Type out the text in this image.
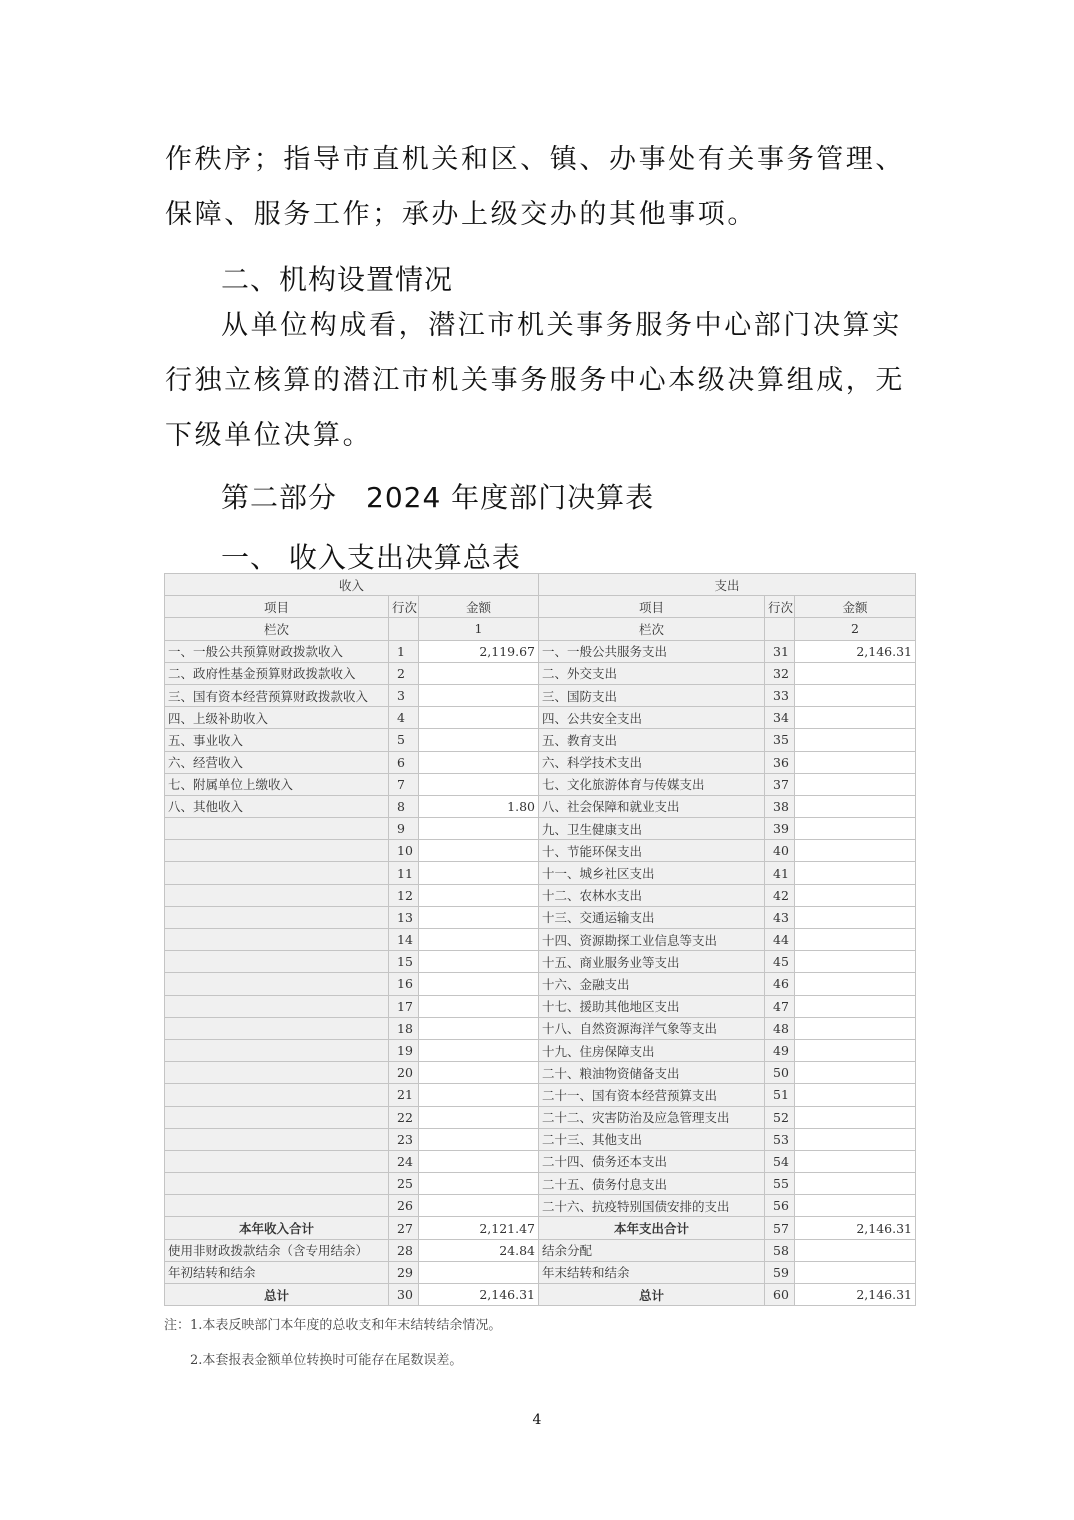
作秩序；指导市直机关和区、镇、办事处有关事务管理、保障、服务工作；承办上级交办的其他事项。

二、机构设置情况

从单位构成看，潜江市机关事务服务中心部门决算实行独立核算的潜江市机关事务服务中心本级决算组成，无下级单位决算。

第二部分　2024 年度部门决算表

一、 收入支出决算总表

收入			支出		
项目	行次	金额	项目	行次	金额
栏次		1	栏次		2
一、一般公共预算财政拨款收入	1	2,119.67	一、一般公共服务支出	31	2,146.31
二、政府性基金预算财政拨款收入	2		二、外交支出	32	
三、国有资本经营预算财政拨款收入	3		三、国防支出	33	
四、上级补助收入	4		四、公共安全支出	34	
五、事业收入	5		五、教育支出	35	
六、经营收入	6		六、科学技术支出	36	
七、附属单位上缴收入	7		七、文化旅游体育与传媒支出	37	
八、其他收入	8	1.80	八、社会保障和就业支出	38	
	9		九、卫生健康支出	39	
	10		十、节能环保支出	40	
	11		十一、城乡社区支出	41	
	12		十二、农林水支出	42	
	13		十三、交通运输支出	43	
	14		十四、资源勘探工业信息等支出	44	
	15		十五、商业服务业等支出	45	
	16		十六、金融支出	46	
	17		十七、援助其他地区支出	47	
	18		十八、自然资源海洋气象等支出	48	
	19		十九、住房保障支出	49	
	20		二十、粮油物资储备支出	50	
	21		二十一、国有资本经营预算支出	51	
	22		二十二、灾害防治及应急管理支出	52	
	23		二十三、其他支出	53	
	24		二十四、债务还本支出	54	
	25		二十五、债务付息支出	55	
	26		二十六、抗疫特别国债安排的支出	56	
本年收入合计	27	2,121.47	本年支出合计	57	2,146.31
使用非财政拨款结余（含专用结余）	28	24.84	结余分配	58	
年初结转和结余	29		年末结转和结余	59	
总计	30	2,146.31	总计	60	2,146.31

注：1.本表反映部门本年度的总收支和年末结转结余情况。

2.本套报表金额单位转换时可能存在尾数误差。

4
